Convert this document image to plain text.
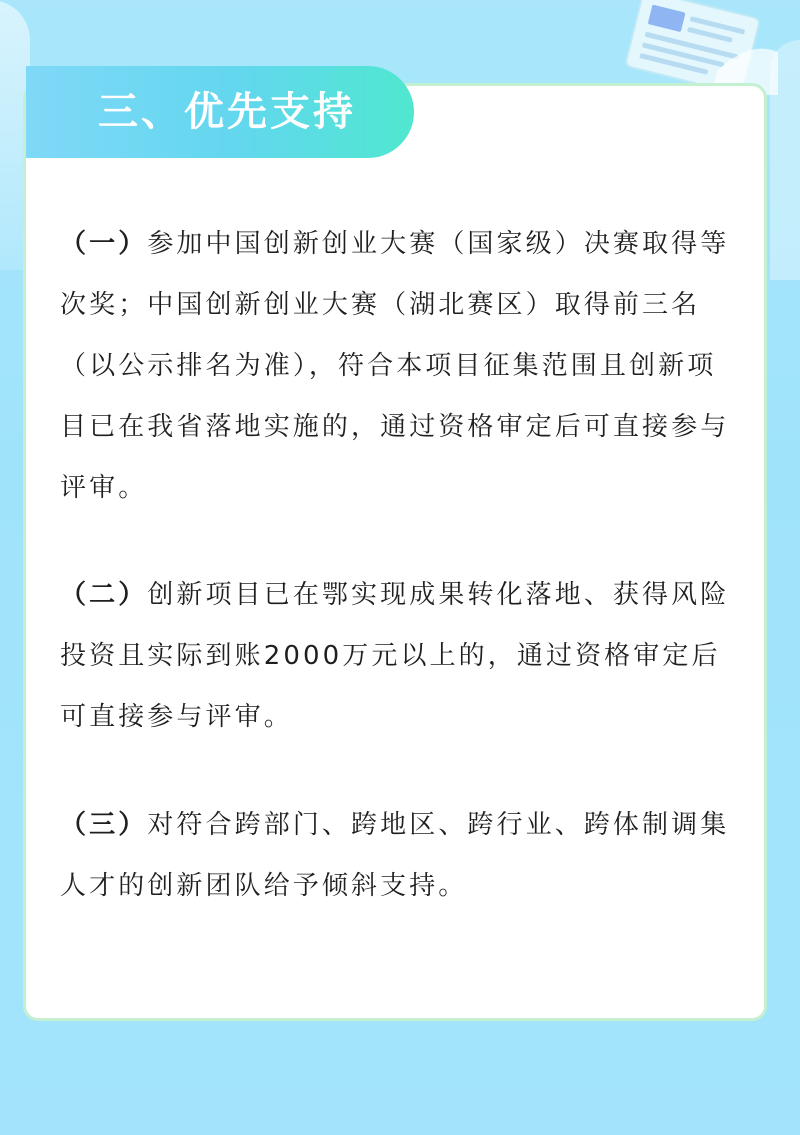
三、优先支持

（一）参加中国创新创业大赛（国家级）决赛取得等次奖；中国创新创业大赛（湖北赛区）取得前三名（以公示排名为准），符合本项目征集范围且创新项目已在我省落地实施的，通过资格审定后可直接参与评审。

（二）创新项目已在鄂实现成果转化落地、获得风险投资且实际到账2000万元以上的，通过资格审定后可直接参与评审。

（三）对符合跨部门、跨地区、跨行业、跨体制调集人才的创新团队给予倾斜支持。
